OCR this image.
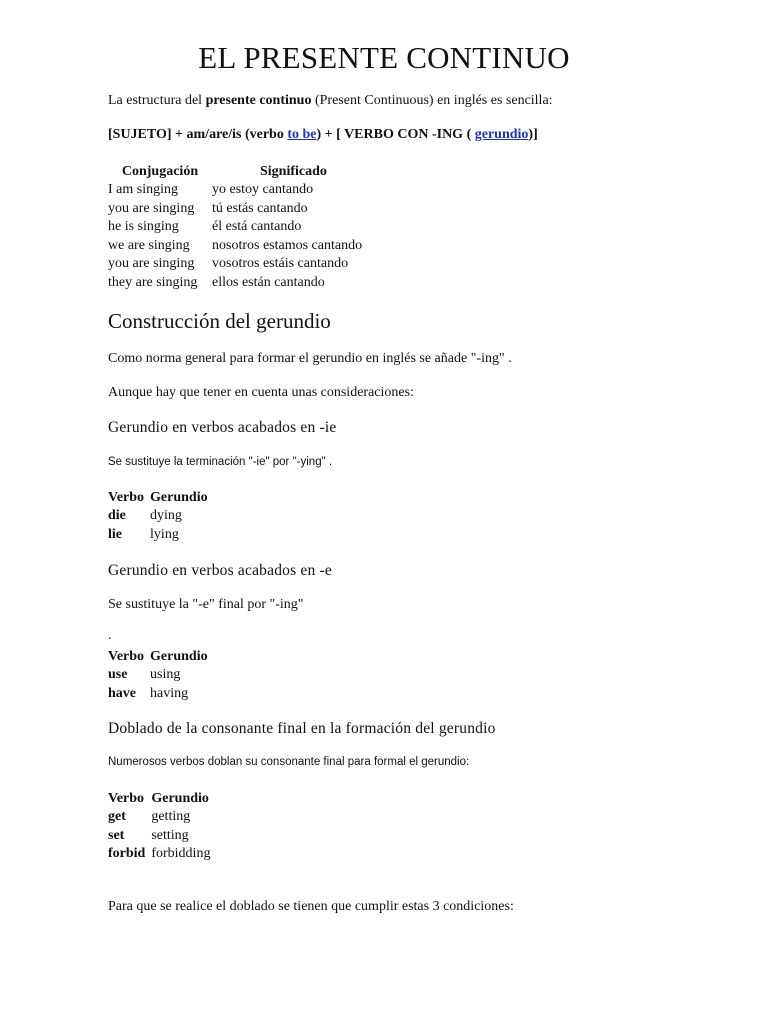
EL PRESENTE CONTINUO

La estructura del presente continuo (Present Continuous) en inglés es sencilla:

[SUJETO] + am/are/is (verbo to be) + [ VERBO CON -ING ( gerundio)]

Conjugación	Significado
I am singing	yo estoy cantando
you are singing	tú estás cantando
he is singing	él está cantando
we are singing	nosotros estamos cantando
you are singing	vosotros estáis cantando
they are singing	ellos están cantando
Construcción del gerundio

Como norma general para formar el gerundio en inglés se añade "-ing" .

Aunque hay que tener en cuenta unas consideraciones:

Gerundio en verbos acabados en -ie

Se sustituye la terminación "-ie" por "-ying" .

Verbo	Gerundio
die	dying
lie	lying
Gerundio en verbos acabados en -e

Se sustituye la "-e" final por "-ing"

.

Verbo	Gerundio
use	using
have	having
Doblado de la consonante final en la formación del gerundio

Numerosos verbos doblan su consonante final para formal el gerundio:

Verbo	Gerundio
get	getting
set	setting
forbid	forbidding

Para que se realice el doblado se tienen que cumplir estas 3 condiciones:
